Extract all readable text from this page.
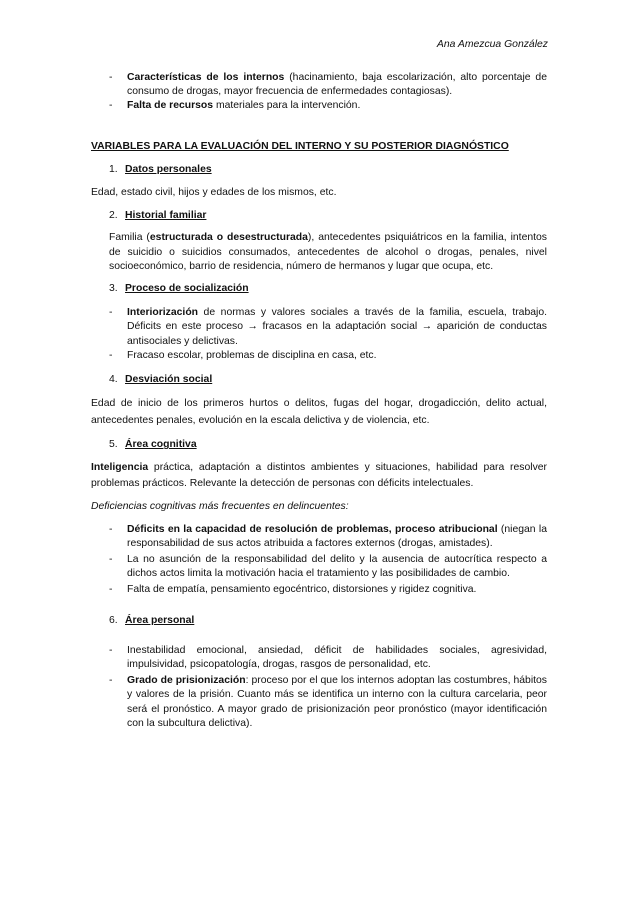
Ana Amezcua González
-	Características de los internos (hacinamiento, baja escolarización, alto porcentaje de consumo de drogas, mayor frecuencia de enfermedades contagiosas).
-	Falta de recursos materiales para la intervención.
VARIABLES PARA LA EVALUACIÓN DEL INTERNO Y SU POSTERIOR DIAGNÓSTICO
1. Datos personales
Edad, estado civil, hijos y edades de los mismos, etc.
2. Historial familiar
Familia (estructurada o desestructurada), antecedentes psiquiátricos en la familia, intentos de suicidio o suicidios consumados, antecedentes de alcohol o drogas, penales, nivel socioeconómico, barrio de residencia, número de hermanos y lugar que ocupa, etc.
3. Proceso de socialización
-	Interiorización de normas y valores sociales a través de la familia, escuela, trabajo. Déficits en este proceso → fracasos en la adaptación social → aparición de conductas antisociales y delictivas.
-	Fracaso escolar, problemas de disciplina en casa, etc.
4. Desviación social
Edad de inicio de los primeros hurtos o delitos, fugas del hogar, drogadicción, delito actual, antecedentes penales, evolución en la escala delictiva y de violencia, etc.
5. Área cognitiva
Inteligencia práctica, adaptación a distintos ambientes y situaciones, habilidad para resolver problemas prácticos. Relevante la detección de personas con déficits intelectuales.
Deficiencias cognitivas más frecuentes en delincuentes:
-	Déficits en la capacidad de resolución de problemas, proceso atribucional (niegan la responsabilidad de sus actos atribuida a factores externos (drogas, amistades).
-	La no asunción de la responsabilidad del delito y la ausencia de autocrítica respecto a dichos actos limita la motivación hacia el tratamiento y las posibilidades de cambio.
-	Falta de empatía, pensamiento egocéntrico, distorsiones y rigidez cognitiva.
6. Área personal
-	Inestabilidad emocional, ansiedad, déficit de habilidades sociales, agresividad, impulsividad, psicopatología, drogas, rasgos de personalidad, etc.
-	Grado de prisionización: proceso por el que los internos adoptan las costumbres, hábitos y valores de la prisión. Cuanto más se identifica un interno con la cultura carcelaria, peor será el pronóstico. A mayor grado de prisionización peor pronóstico (mayor identificación con la subcultura delictiva).
